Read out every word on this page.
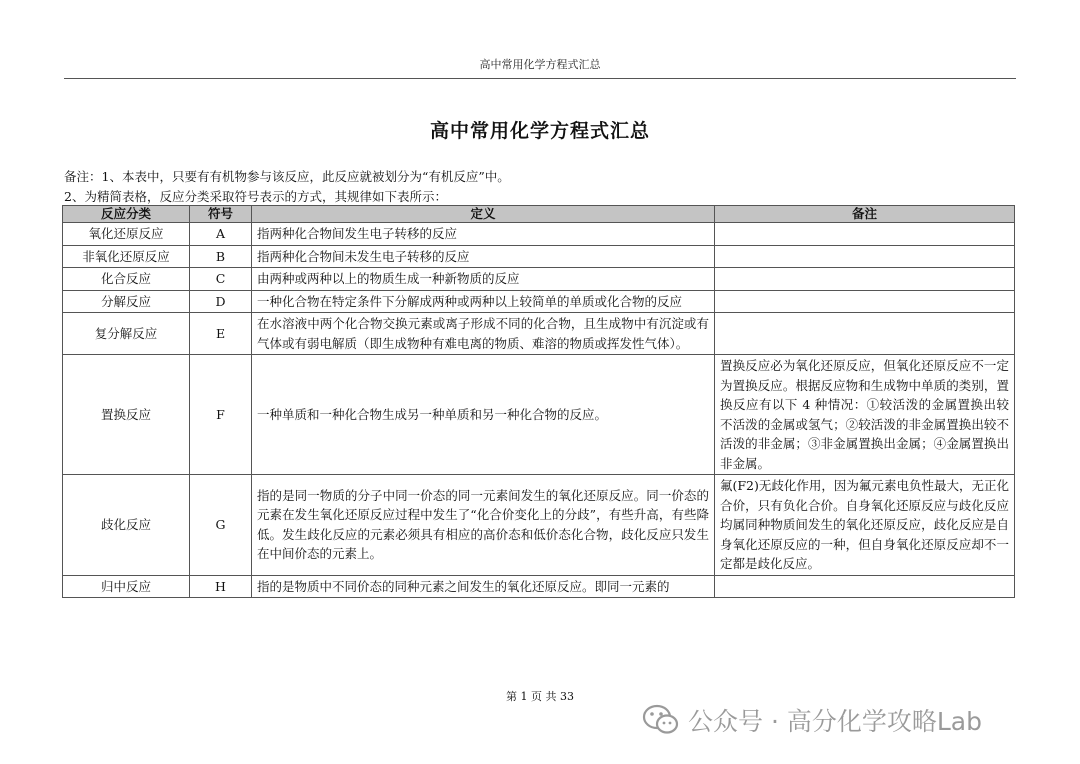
高中常用化学方程式汇总
高中常用化学方程式汇总
备注：1、本表中，只要有有机物参与该反应，此反应就被划分为“有机反应”中。
2、为精简表格，反应分类采取符号表示的方式，其规律如下表所示：
反应分类	符号	定义	备注
氧化还原反应	A	指两种化合物间发生电子转移的反应	
非氧化还原反应	B	指两种化合物间未发生电子转移的反应	
化合反应	C	由两种或两种以上的物质生成一种新物质的反应	
分解反应	D	一种化合物在特定条件下分解成两种或两种以上较简单的单质或化合物的反应	
复分解反应	E	在水溶液中两个化合物交换元素或离子形成不同的化合物，且生成物中有沉淀或有气体或有弱电解质（即生成物种有难电离的物质、难溶的物质或挥发性气体）。	
置换反应	F	一种单质和一种化合物生成另一种单质和另一种化合物的反应。	置换反应必为氧化还原反应，但氧化还原反应不一定为置换反应。根据反应物和生成物中单质的类别，置换反应有以下 4 种情况：①较活泼的金属置换出较不活泼的金属或氢气；②较活泼的非金属置换出较不活泼的非金属；③非金属置换出金属；④金属置换出非金属。
歧化反应	G	指的是同一物质的分子中同一价态的同一元素间发生的氧化还原反应。同一价态的元素在发生氧化还原反应过程中发生了“化合价变化上的分歧”，有些升高，有些降低。发生歧化反应的元素必须具有相应的高价态和低价态化合物，歧化反应只发生在中间价态的元素上。	氟(F2)无歧化作用，因为氟元素电负性最大，无正化合价，只有负化合价。自身氧化还原反应与歧化反应均属同种物质间发生的氧化还原反应，歧化反应是自身氧化还原反应的一种，但自身氧化还原反应却不一定都是歧化反应。
归中反应	H	指的是物质中不同价态的同种元素之间发生的氧化还原反应。即同一元素的	
第 1 页 共 33
公众号 · 高分化学攻略Lab
